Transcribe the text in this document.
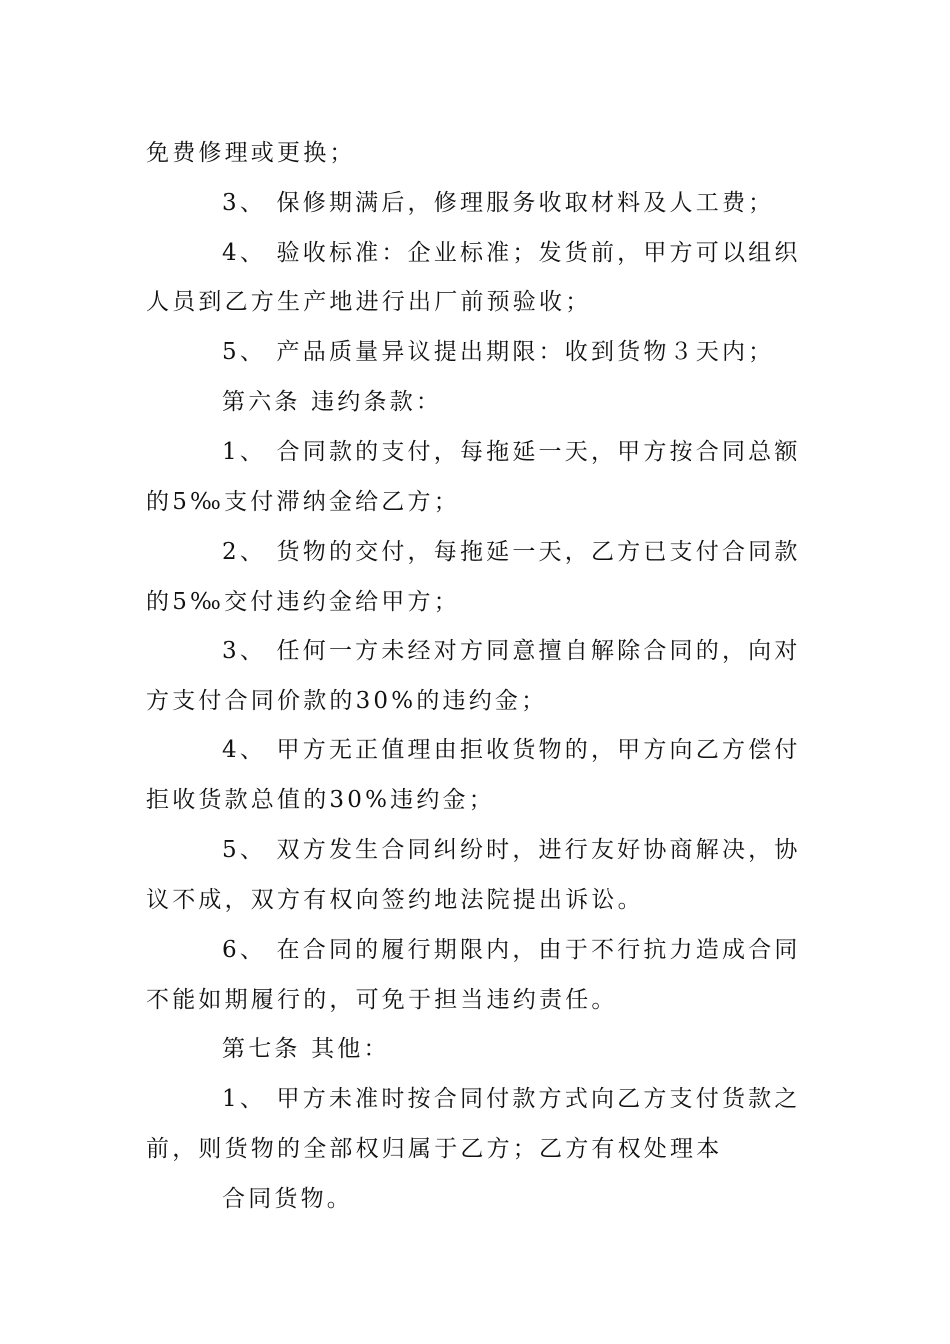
免费修理或更换；
3、 保修期满后，修理服务收取材料及人工费；
4、 验收标准：企业标准；发货前，甲方可以组织
人员到乙方生产地进行出厂前预验收；
5、 产品质量异议提出期限：收到货物３天内；
第六条 违约条款：
1、 合同款的支付，每拖延一天，甲方按合同总额
的5‰支付滞纳金给乙方；
2、 货物的交付，每拖延一天，乙方已支付合同款
的5‰交付违约金给甲方；
3、 任何一方未经对方同意擅自解除合同的，向对
方支付合同价款的30%的违约金；
4、 甲方无正值理由拒收货物的，甲方向乙方偿付
拒收货款总值的30%违约金；
5、 双方发生合同纠纷时，进行友好协商解决，协
议不成，双方有权向签约地法院提出诉讼。
6、 在合同的履行期限内，由于不行抗力造成合同
不能如期履行的，可免于担当违约责任。
第七条 其他：
1、 甲方未准时按合同付款方式向乙方支付货款之
前，则货物的全部权归属于乙方；乙方有权处理本
合同货物。
